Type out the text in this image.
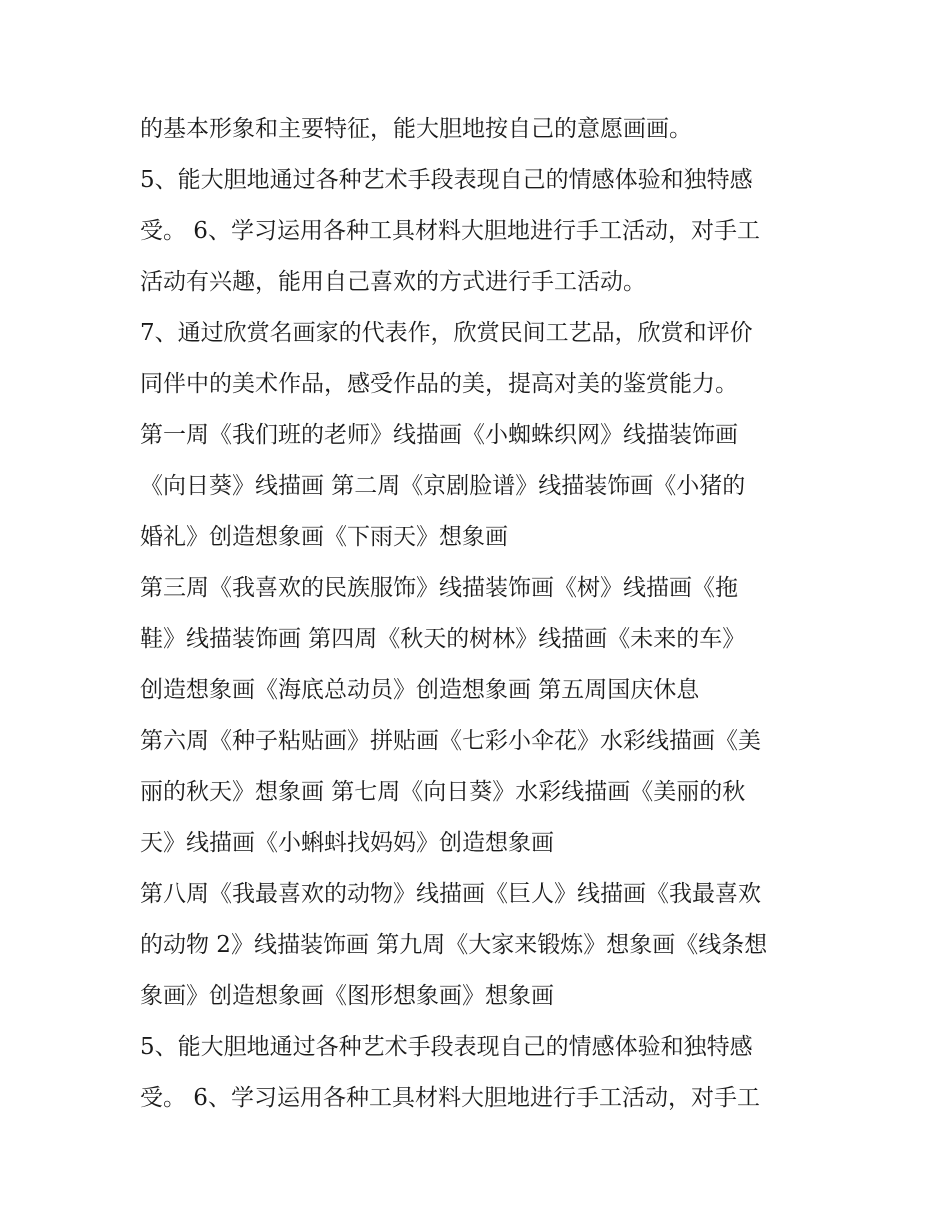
的基本形象和主要特征，能大胆地按自己的意愿画画。
5、能大胆地通过各种艺术手段表现自己的情感体验和独特感
受。 6、学习运用各种工具材料大胆地进行手工活动，对手工
活动有兴趣，能用自己喜欢的方式进行手工活动。
7、通过欣赏名画家的代表作，欣赏民间工艺品，欣赏和评价
同伴中的美术作品，感受作品的美，提高对美的鉴赏能力。
第一周《我们班的老师》线描画《小蜘蛛织网》线描装饰画
《向日葵》线描画 第二周《京剧脸谱》线描装饰画《小猪的
婚礼》创造想象画《下雨天》想象画
第三周《我喜欢的民族服饰》线描装饰画《树》线描画《拖
鞋》线描装饰画 第四周《秋天的树林》线描画《未来的车》
创造想象画《海底总动员》创造想象画 第五周国庆休息
第六周《种子粘贴画》拼贴画《七彩小伞花》水彩线描画《美
丽的秋天》想象画 第七周《向日葵》水彩线描画《美丽的秋
天》线描画《小蝌蚪找妈妈》创造想象画
第八周《我最喜欢的动物》线描画《巨人》线描画《我最喜欢
的动物 2》线描装饰画 第九周《大家来锻炼》想象画《线条想
象画》创造想象画《图形想象画》想象画
5、能大胆地通过各种艺术手段表现自己的情感体验和独特感
受。 6、学习运用各种工具材料大胆地进行手工活动，对手工
